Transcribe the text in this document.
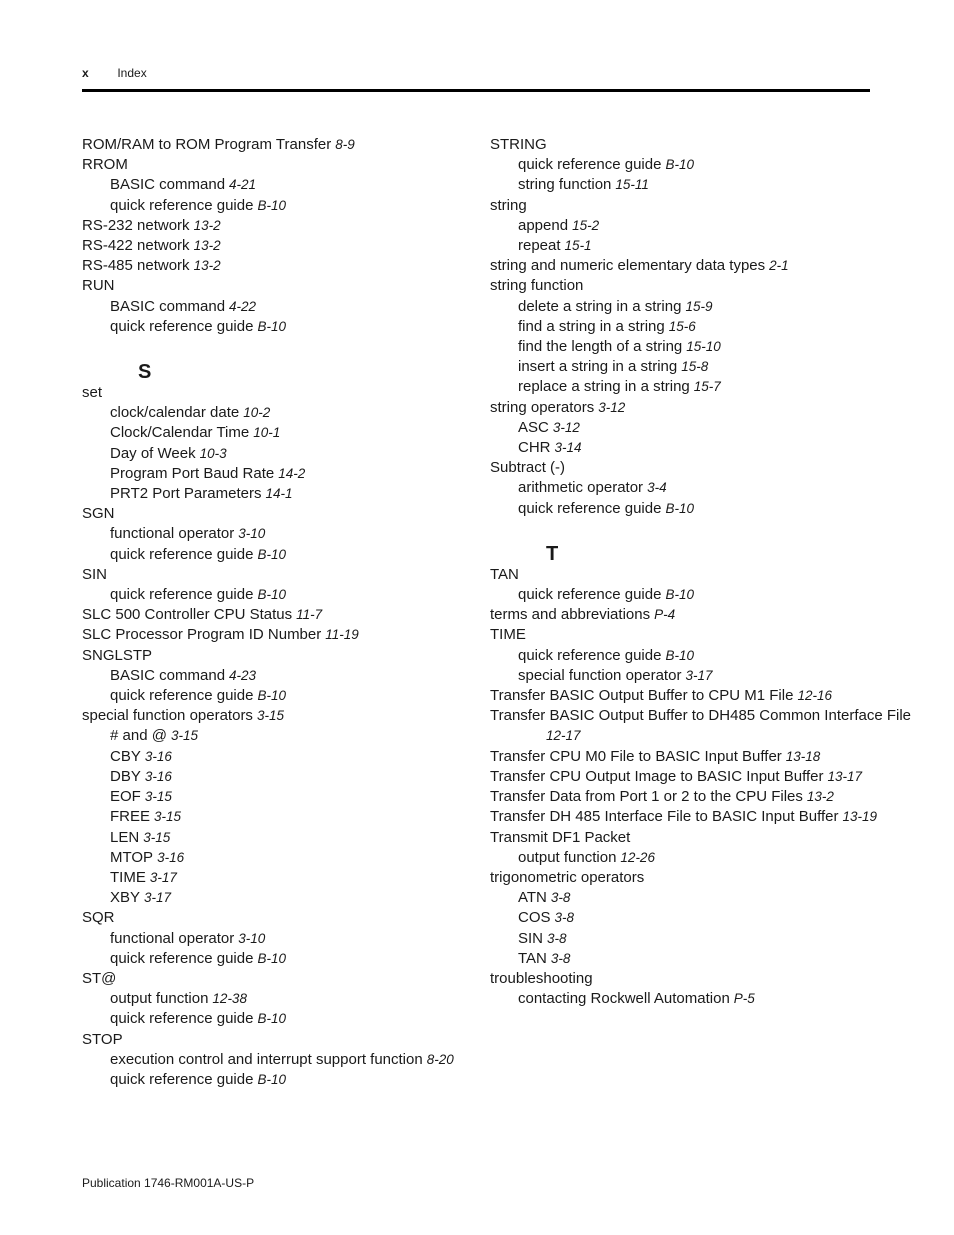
x Index
ROM/RAM to ROM Program Transfer 8-9
RROM
BASIC command 4-21
quick reference guide B-10
RS-232 network 13-2
RS-422 network 13-2
RS-485 network 13-2
RUN
BASIC command 4-22
quick reference guide B-10
S
set
clock/calendar date 10-2
Clock/Calendar Time 10-1
Day of Week 10-3
Program Port Baud Rate 14-2
PRT2 Port Parameters 14-1
SGN
functional operator 3-10
quick reference guide B-10
SIN
quick reference guide B-10
SLC 500 Controller CPU Status 11-7
SLC Processor Program ID Number 11-19
SNGLSTP
BASIC command 4-23
quick reference guide B-10
special function operators 3-15
# and @ 3-15
CBY 3-16
DBY 3-16
EOF 3-15
FREE 3-15
LEN 3-15
MTOP 3-16
TIME 3-17
XBY 3-17
SQR
functional operator 3-10
quick reference guide B-10
ST@
output function 12-38
quick reference guide B-10
STOP
execution control and interrupt support function 8-20
quick reference guide B-10
STRING
quick reference guide B-10
string function 15-11
string
append 15-2
repeat 15-1
string and numeric elementary data types 2-1
string function
delete a string in a string 15-9
find a string in a string 15-6
find the length of a string 15-10
insert a string in a string 15-8
replace a string in a string 15-7
string operators 3-12
ASC 3-12
CHR 3-14
Subtract (-)
arithmetic operator 3-4
quick reference guide B-10
T
TAN
quick reference guide B-10
terms and abbreviations P-4
TIME
quick reference guide B-10
special function operator 3-17
Transfer BASIC Output Buffer to CPU M1 File 12-16
Transfer BASIC Output Buffer to DH485 Common Interface File
12-17
Transfer CPU M0 File to BASIC Input Buffer 13-18
Transfer CPU Output Image to BASIC Input Buffer 13-17
Transfer Data from Port 1 or 2 to the CPU Files 13-2
Transfer DH 485 Interface File to BASIC Input Buffer 13-19
Transmit DF1 Packet
output function 12-26
trigonometric operators
ATN 3-8
COS 3-8
SIN 3-8
TAN 3-8
troubleshooting
contacting Rockwell Automation P-5
Publication 1746-RM001A-US-P
